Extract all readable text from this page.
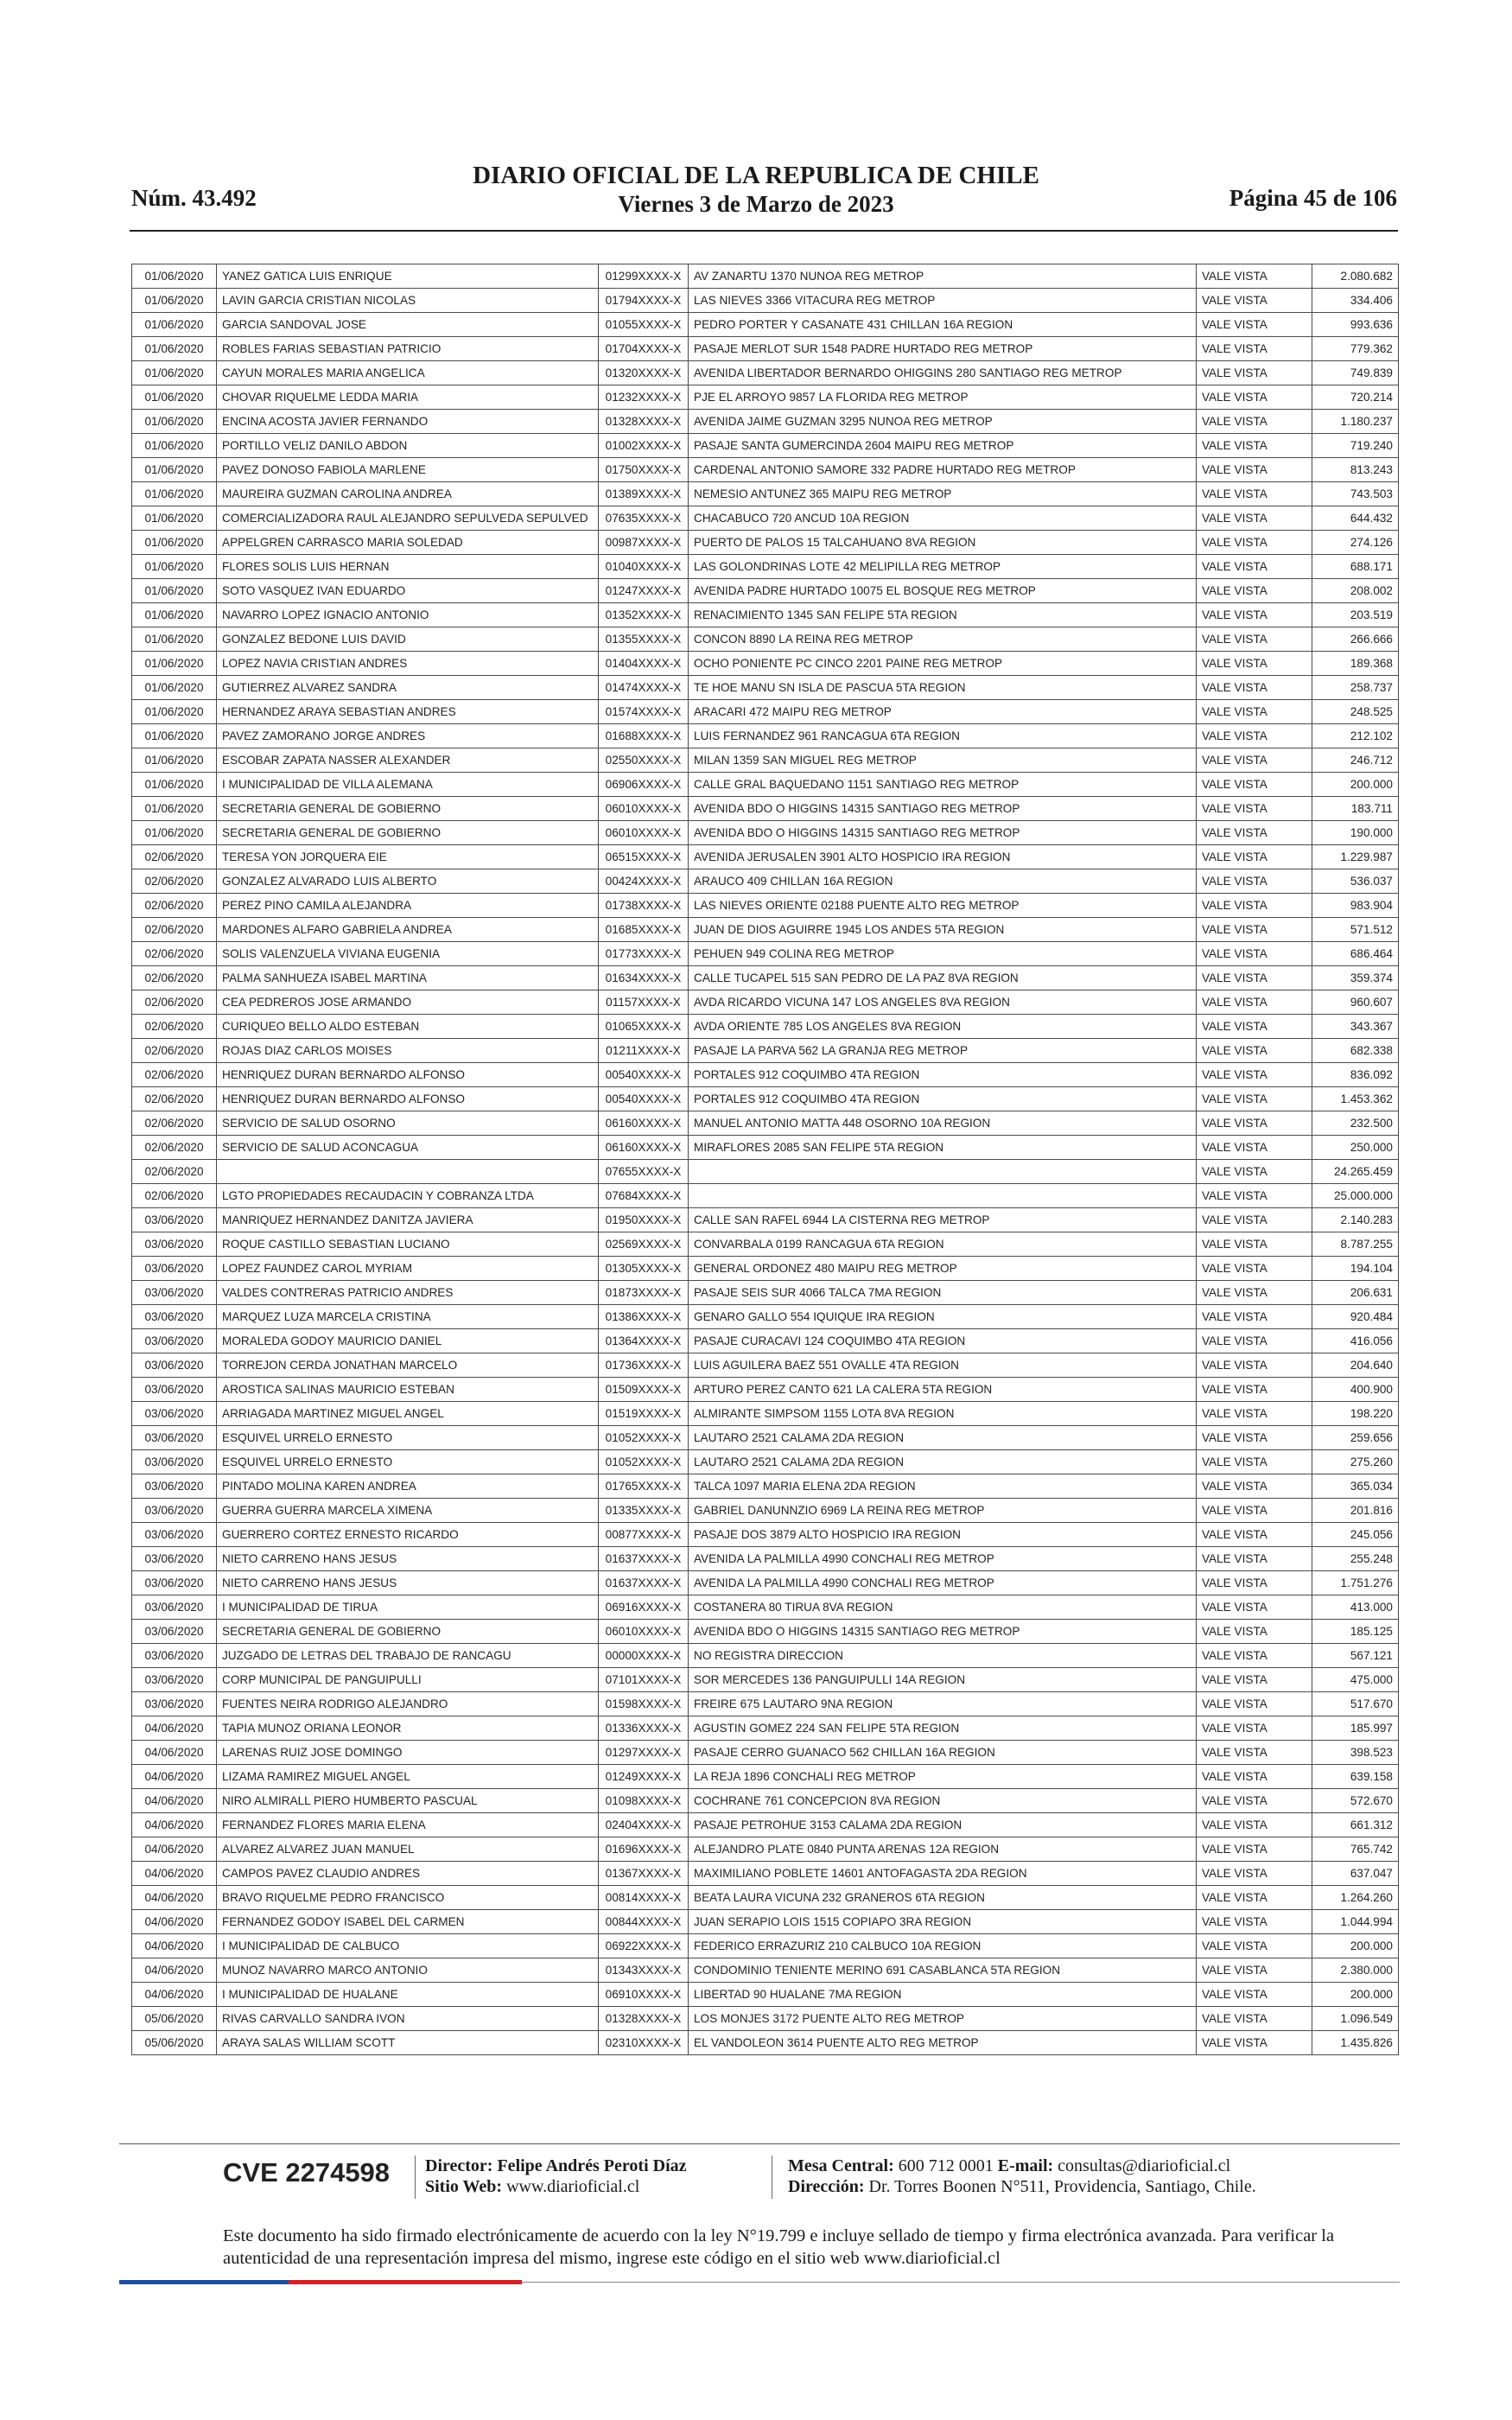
Núm. 43.492
DIARIO OFICIAL DE LA REPUBLICA DE CHILE
Viernes 3 de Marzo de 2023	Página 45 de 106
01/06/2020	YANEZ GATICA LUIS ENRIQUE	01299XXXX-X	AV ZANARTU 1370 NUNOA REG METROP	VALE VISTA	2.080.682
01/06/2020	LAVIN GARCIA CRISTIAN NICOLAS	01794XXXX-X	LAS NIEVES 3366 VITACURA REG METROP	VALE VISTA	334.406
01/06/2020	GARCIA SANDOVAL JOSE	01055XXXX-X	PEDRO PORTER Y CASANATE 431 CHILLAN 16A REGION	VALE VISTA	993.636
01/06/2020	ROBLES FARIAS SEBASTIAN PATRICIO	01704XXXX-X	PASAJE MERLOT SUR 1548 PADRE HURTADO REG METROP	VALE VISTA	779.362
01/06/2020	CAYUN MORALES MARIA ANGELICA	01320XXXX-X	AVENIDA LIBERTADOR BERNARDO OHIGGINS 280 SANTIAGO REG METROP	VALE VISTA	749.839
01/06/2020	CHOVAR RIQUELME LEDDA MARIA	01232XXXX-X	PJE EL ARROYO 9857 LA FLORIDA REG METROP	VALE VISTA	720.214
01/06/2020	ENCINA ACOSTA JAVIER FERNANDO	01328XXXX-X	AVENIDA JAIME GUZMAN 3295 NUNOA REG METROP	VALE VISTA	1.180.237
01/06/2020	PORTILLO VELIZ DANILO ABDON	01002XXXX-X	PASAJE SANTA GUMERCINDA 2604 MAIPU REG METROP	VALE VISTA	719.240
01/06/2020	PAVEZ DONOSO FABIOLA MARLENE	01750XXXX-X	CARDENAL ANTONIO SAMORE 332 PADRE HURTADO REG METROP	VALE VISTA	813.243
01/06/2020	MAUREIRA GUZMAN CAROLINA ANDREA	01389XXXX-X	NEMESIO ANTUNEZ 365 MAIPU REG METROP	VALE VISTA	743.503
01/06/2020	COMERCIALIZADORA RAUL ALEJANDRO SEPULVEDA SEPULVED	07635XXXX-X	CHACABUCO 720 ANCUD 10A REGION	VALE VISTA	644.432
01/06/2020	APPELGREN CARRASCO MARIA SOLEDAD	00987XXXX-X	PUERTO DE PALOS 15 TALCAHUANO 8VA REGION	VALE VISTA	274.126
01/06/2020	FLORES SOLIS LUIS HERNAN	01040XXXX-X	LAS GOLONDRINAS LOTE 42 MELIPILLA REG METROP	VALE VISTA	688.171
01/06/2020	SOTO VASQUEZ IVAN EDUARDO	01247XXXX-X	AVENIDA PADRE HURTADO 10075 EL BOSQUE REG METROP	VALE VISTA	208.002
01/06/2020	NAVARRO LOPEZ IGNACIO ANTONIO	01352XXXX-X	RENACIMIENTO 1345 SAN FELIPE 5TA REGION	VALE VISTA	203.519
01/06/2020	GONZALEZ BEDONE LUIS DAVID	01355XXXX-X	CONCON 8890 LA REINA REG METROP	VALE VISTA	266.666
01/06/2020	LOPEZ NAVIA CRISTIAN ANDRES	01404XXXX-X	OCHO PONIENTE PC CINCO 2201 PAINE REG METROP	VALE VISTA	189.368
01/06/2020	GUTIERREZ ALVAREZ SANDRA	01474XXXX-X	TE HOE MANU SN ISLA DE PASCUA 5TA REGION	VALE VISTA	258.737
01/06/2020	HERNANDEZ ARAYA SEBASTIAN ANDRES	01574XXXX-X	ARACARI 472 MAIPU REG METROP	VALE VISTA	248.525
01/06/2020	PAVEZ ZAMORANO JORGE ANDRES	01688XXXX-X	LUIS FERNANDEZ 961 RANCAGUA 6TA REGION	VALE VISTA	212.102
01/06/2020	ESCOBAR ZAPATA NASSER ALEXANDER	02550XXXX-X	MILAN 1359 SAN MIGUEL REG METROP	VALE VISTA	246.712
01/06/2020	I MUNICIPALIDAD DE VILLA ALEMANA	06906XXXX-X	CALLE GRAL BAQUEDANO 1151 SANTIAGO REG METROP	VALE VISTA	200.000
01/06/2020	SECRETARIA GENERAL DE GOBIERNO	06010XXXX-X	AVENIDA BDO O HIGGINS 14315 SANTIAGO REG METROP	VALE VISTA	183.711
01/06/2020	SECRETARIA GENERAL DE GOBIERNO	06010XXXX-X	AVENIDA BDO O HIGGINS 14315 SANTIAGO REG METROP	VALE VISTA	190.000
02/06/2020	TERESA YON JORQUERA EIE	06515XXXX-X	AVENIDA JERUSALEN 3901 ALTO HOSPICIO IRA REGION	VALE VISTA	1.229.987
02/06/2020	GONZALEZ ALVARADO LUIS ALBERTO	00424XXXX-X	ARAUCO 409 CHILLAN 16A REGION	VALE VISTA	536.037
02/06/2020	PEREZ PINO CAMILA ALEJANDRA	01738XXXX-X	LAS NIEVES ORIENTE 02188 PUENTE ALTO REG METROP	VALE VISTA	983.904
02/06/2020	MARDONES ALFARO GABRIELA ANDREA	01685XXXX-X	JUAN DE DIOS AGUIRRE 1945 LOS ANDES 5TA REGION	VALE VISTA	571.512
02/06/2020	SOLIS VALENZUELA VIVIANA EUGENIA	01773XXXX-X	PEHUEN 949 COLINA REG METROP	VALE VISTA	686.464
02/06/2020	PALMA SANHUEZA ISABEL MARTINA	01634XXXX-X	CALLE TUCAPEL 515 SAN PEDRO DE LA PAZ 8VA REGION	VALE VISTA	359.374
02/06/2020	CEA PEDREROS JOSE ARMANDO	01157XXXX-X	AVDA RICARDO VICUNA 147 LOS ANGELES 8VA REGION	VALE VISTA	960.607
02/06/2020	CURIQUEO BELLO ALDO ESTEBAN	01065XXXX-X	AVDA ORIENTE 785 LOS ANGELES 8VA REGION	VALE VISTA	343.367
02/06/2020	ROJAS DIAZ CARLOS MOISES	01211XXXX-X	PASAJE LA PARVA 562 LA GRANJA REG METROP	VALE VISTA	682.338
02/06/2020	HENRIQUEZ DURAN BERNARDO ALFONSO	00540XXXX-X	PORTALES 912 COQUIMBO 4TA REGION	VALE VISTA	836.092
02/06/2020	HENRIQUEZ DURAN BERNARDO ALFONSO	00540XXXX-X	PORTALES 912 COQUIMBO 4TA REGION	VALE VISTA	1.453.362
02/06/2020	SERVICIO DE SALUD OSORNO	06160XXXX-X	MANUEL ANTONIO MATTA 448 OSORNO 10A REGION	VALE VISTA	232.500
02/06/2020	SERVICIO DE SALUD ACONCAGUA	06160XXXX-X	MIRAFLORES 2085 SAN FELIPE 5TA REGION	VALE VISTA	250.000
02/06/2020		07655XXXX-X		VALE VISTA	24.265.459
02/06/2020	LGTO PROPIEDADES RECAUDACIN Y COBRANZA LTDA	07684XXXX-X		VALE VISTA	25.000.000
03/06/2020	MANRIQUEZ HERNANDEZ DANITZA JAVIERA	01950XXXX-X	CALLE SAN RAFEL 6944 LA CISTERNA REG METROP	VALE VISTA	2.140.283
03/06/2020	ROQUE CASTILLO SEBASTIAN LUCIANO	02569XXXX-X	CONVARBALA 0199 RANCAGUA 6TA REGION	VALE VISTA	8.787.255
03/06/2020	LOPEZ FAUNDEZ CAROL MYRIAM	01305XXXX-X	GENERAL ORDONEZ 480 MAIPU REG METROP	VALE VISTA	194.104
03/06/2020	VALDES CONTRERAS PATRICIO ANDRES	01873XXXX-X	PASAJE SEIS SUR 4066 TALCA 7MA REGION	VALE VISTA	206.631
03/06/2020	MARQUEZ LUZA MARCELA CRISTINA	01386XXXX-X	GENARO GALLO 554 IQUIQUE IRA REGION	VALE VISTA	920.484
03/06/2020	MORALEDA GODOY MAURICIO DANIEL	01364XXXX-X	PASAJE CURACAVI 124 COQUIMBO 4TA REGION	VALE VISTA	416.056
03/06/2020	TORREJON CERDA JONATHAN MARCELO	01736XXXX-X	LUIS AGUILERA BAEZ 551 OVALLE 4TA REGION	VALE VISTA	204.640
03/06/2020	AROSTICA SALINAS MAURICIO ESTEBAN	01509XXXX-X	ARTURO PEREZ CANTO 621 LA CALERA 5TA REGION	VALE VISTA	400.900
03/06/2020	ARRIAGADA MARTINEZ MIGUEL ANGEL	01519XXXX-X	ALMIRANTE SIMPSOM 1155 LOTA 8VA REGION	VALE VISTA	198.220
03/06/2020	ESQUIVEL URRELO ERNESTO	01052XXXX-X	LAUTARO 2521 CALAMA 2DA REGION	VALE VISTA	259.656
03/06/2020	ESQUIVEL URRELO ERNESTO	01052XXXX-X	LAUTARO 2521 CALAMA 2DA REGION	VALE VISTA	275.260
03/06/2020	PINTADO MOLINA KAREN ANDREA	01765XXXX-X	TALCA 1097 MARIA ELENA 2DA REGION	VALE VISTA	365.034
03/06/2020	GUERRA GUERRA MARCELA XIMENA	01335XXXX-X	GABRIEL DANUNNZIO 6969 LA REINA REG METROP	VALE VISTA	201.816
03/06/2020	GUERRERO CORTEZ ERNESTO RICARDO	00877XXXX-X	PASAJE DOS 3879 ALTO HOSPICIO IRA REGION	VALE VISTA	245.056
03/06/2020	NIETO CARRENO HANS JESUS	01637XXXX-X	AVENIDA LA PALMILLA 4990 CONCHALI REG METROP	VALE VISTA	255.248
03/06/2020	NIETO CARRENO HANS JESUS	01637XXXX-X	AVENIDA LA PALMILLA 4990 CONCHALI REG METROP	VALE VISTA	1.751.276
03/06/2020	I MUNICIPALIDAD DE TIRUA	06916XXXX-X	COSTANERA 80 TIRUA 8VA REGION	VALE VISTA	413.000
03/06/2020	SECRETARIA GENERAL DE GOBIERNO	06010XXXX-X	AVENIDA BDO O HIGGINS 14315 SANTIAGO REG METROP	VALE VISTA	185.125
03/06/2020	JUZGADO DE LETRAS DEL TRABAJO DE RANCAGU	00000XXXX-X	NO REGISTRA DIRECCION	VALE VISTA	567.121
03/06/2020	CORP MUNICIPAL DE PANGUIPULLI	07101XXXX-X	SOR MERCEDES 136 PANGUIPULLI 14A REGION	VALE VISTA	475.000
03/06/2020	FUENTES NEIRA RODRIGO ALEJANDRO	01598XXXX-X	FREIRE 675 LAUTARO 9NA REGION	VALE VISTA	517.670
04/06/2020	TAPIA MUNOZ ORIANA LEONOR	01336XXXX-X	AGUSTIN GOMEZ 224 SAN FELIPE 5TA REGION	VALE VISTA	185.997
04/06/2020	LARENAS RUIZ JOSE DOMINGO	01297XXXX-X	PASAJE CERRO GUANACO 562 CHILLAN 16A REGION	VALE VISTA	398.523
04/06/2020	LIZAMA RAMIREZ MIGUEL ANGEL	01249XXXX-X	LA REJA 1896 CONCHALI REG METROP	VALE VISTA	639.158
04/06/2020	NIRO ALMIRALL PIERO HUMBERTO PASCUAL	01098XXXX-X	COCHRANE 761 CONCEPCION 8VA REGION	VALE VISTA	572.670
04/06/2020	FERNANDEZ FLORES MARIA ELENA	02404XXXX-X	PASAJE PETROHUE 3153 CALAMA 2DA REGION	VALE VISTA	661.312
04/06/2020	ALVAREZ ALVAREZ JUAN MANUEL	01696XXXX-X	ALEJANDRO PLATE 0840 PUNTA ARENAS 12A REGION	VALE VISTA	765.742
04/06/2020	CAMPOS PAVEZ CLAUDIO ANDRES	01367XXXX-X	MAXIMILIANO POBLETE 14601 ANTOFAGASTA 2DA REGION	VALE VISTA	637.047
04/06/2020	BRAVO RIQUELME PEDRO FRANCISCO	00814XXXX-X	BEATA LAURA VICUNA 232 GRANEROS 6TA REGION	VALE VISTA	1.264.260
04/06/2020	FERNANDEZ GODOY ISABEL DEL CARMEN	00844XXXX-X	JUAN SERAPIO LOIS 1515 COPIAPO 3RA REGION	VALE VISTA	1.044.994
04/06/2020	I MUNICIPALIDAD DE CALBUCO	06922XXXX-X	FEDERICO ERRAZURIZ 210 CALBUCO 10A REGION	VALE VISTA	200.000
04/06/2020	MUNOZ NAVARRO MARCO ANTONIO	01343XXXX-X	CONDOMINIO TENIENTE MERINO 691 CASABLANCA 5TA REGION	VALE VISTA	2.380.000
04/06/2020	I MUNICIPALIDAD DE HUALANE	06910XXXX-X	LIBERTAD 90 HUALANE 7MA REGION	VALE VISTA	200.000
05/06/2020	RIVAS CARVALLO SANDRA IVON	01328XXXX-X	LOS MONJES 3172 PUENTE ALTO REG METROP	VALE VISTA	1.096.549
05/06/2020	ARAYA SALAS WILLIAM SCOTT	02310XXXX-X	EL VANDOLEON 3614 PUENTE ALTO REG METROP	VALE VISTA	1.435.826
CVE 2274598 Director: Felipe Andrés Peroti Díaz
Sitio Web: www.diarioficial.cl
Mesa Central: 600 712 0001 E-mail: consultas@diarioficial.cl
Dirección: Dr. Torres Boonen N°511, Providencia, Santiago, Chile.
Este documento ha sido firmado electrónicamente de acuerdo con la ley N°19.799 e incluye sellado de tiempo y firma electrónica avanzada. Para verificar la autenticidad de una representación impresa del mismo, ingrese este código en el sitio web www.diarioficial.cl
